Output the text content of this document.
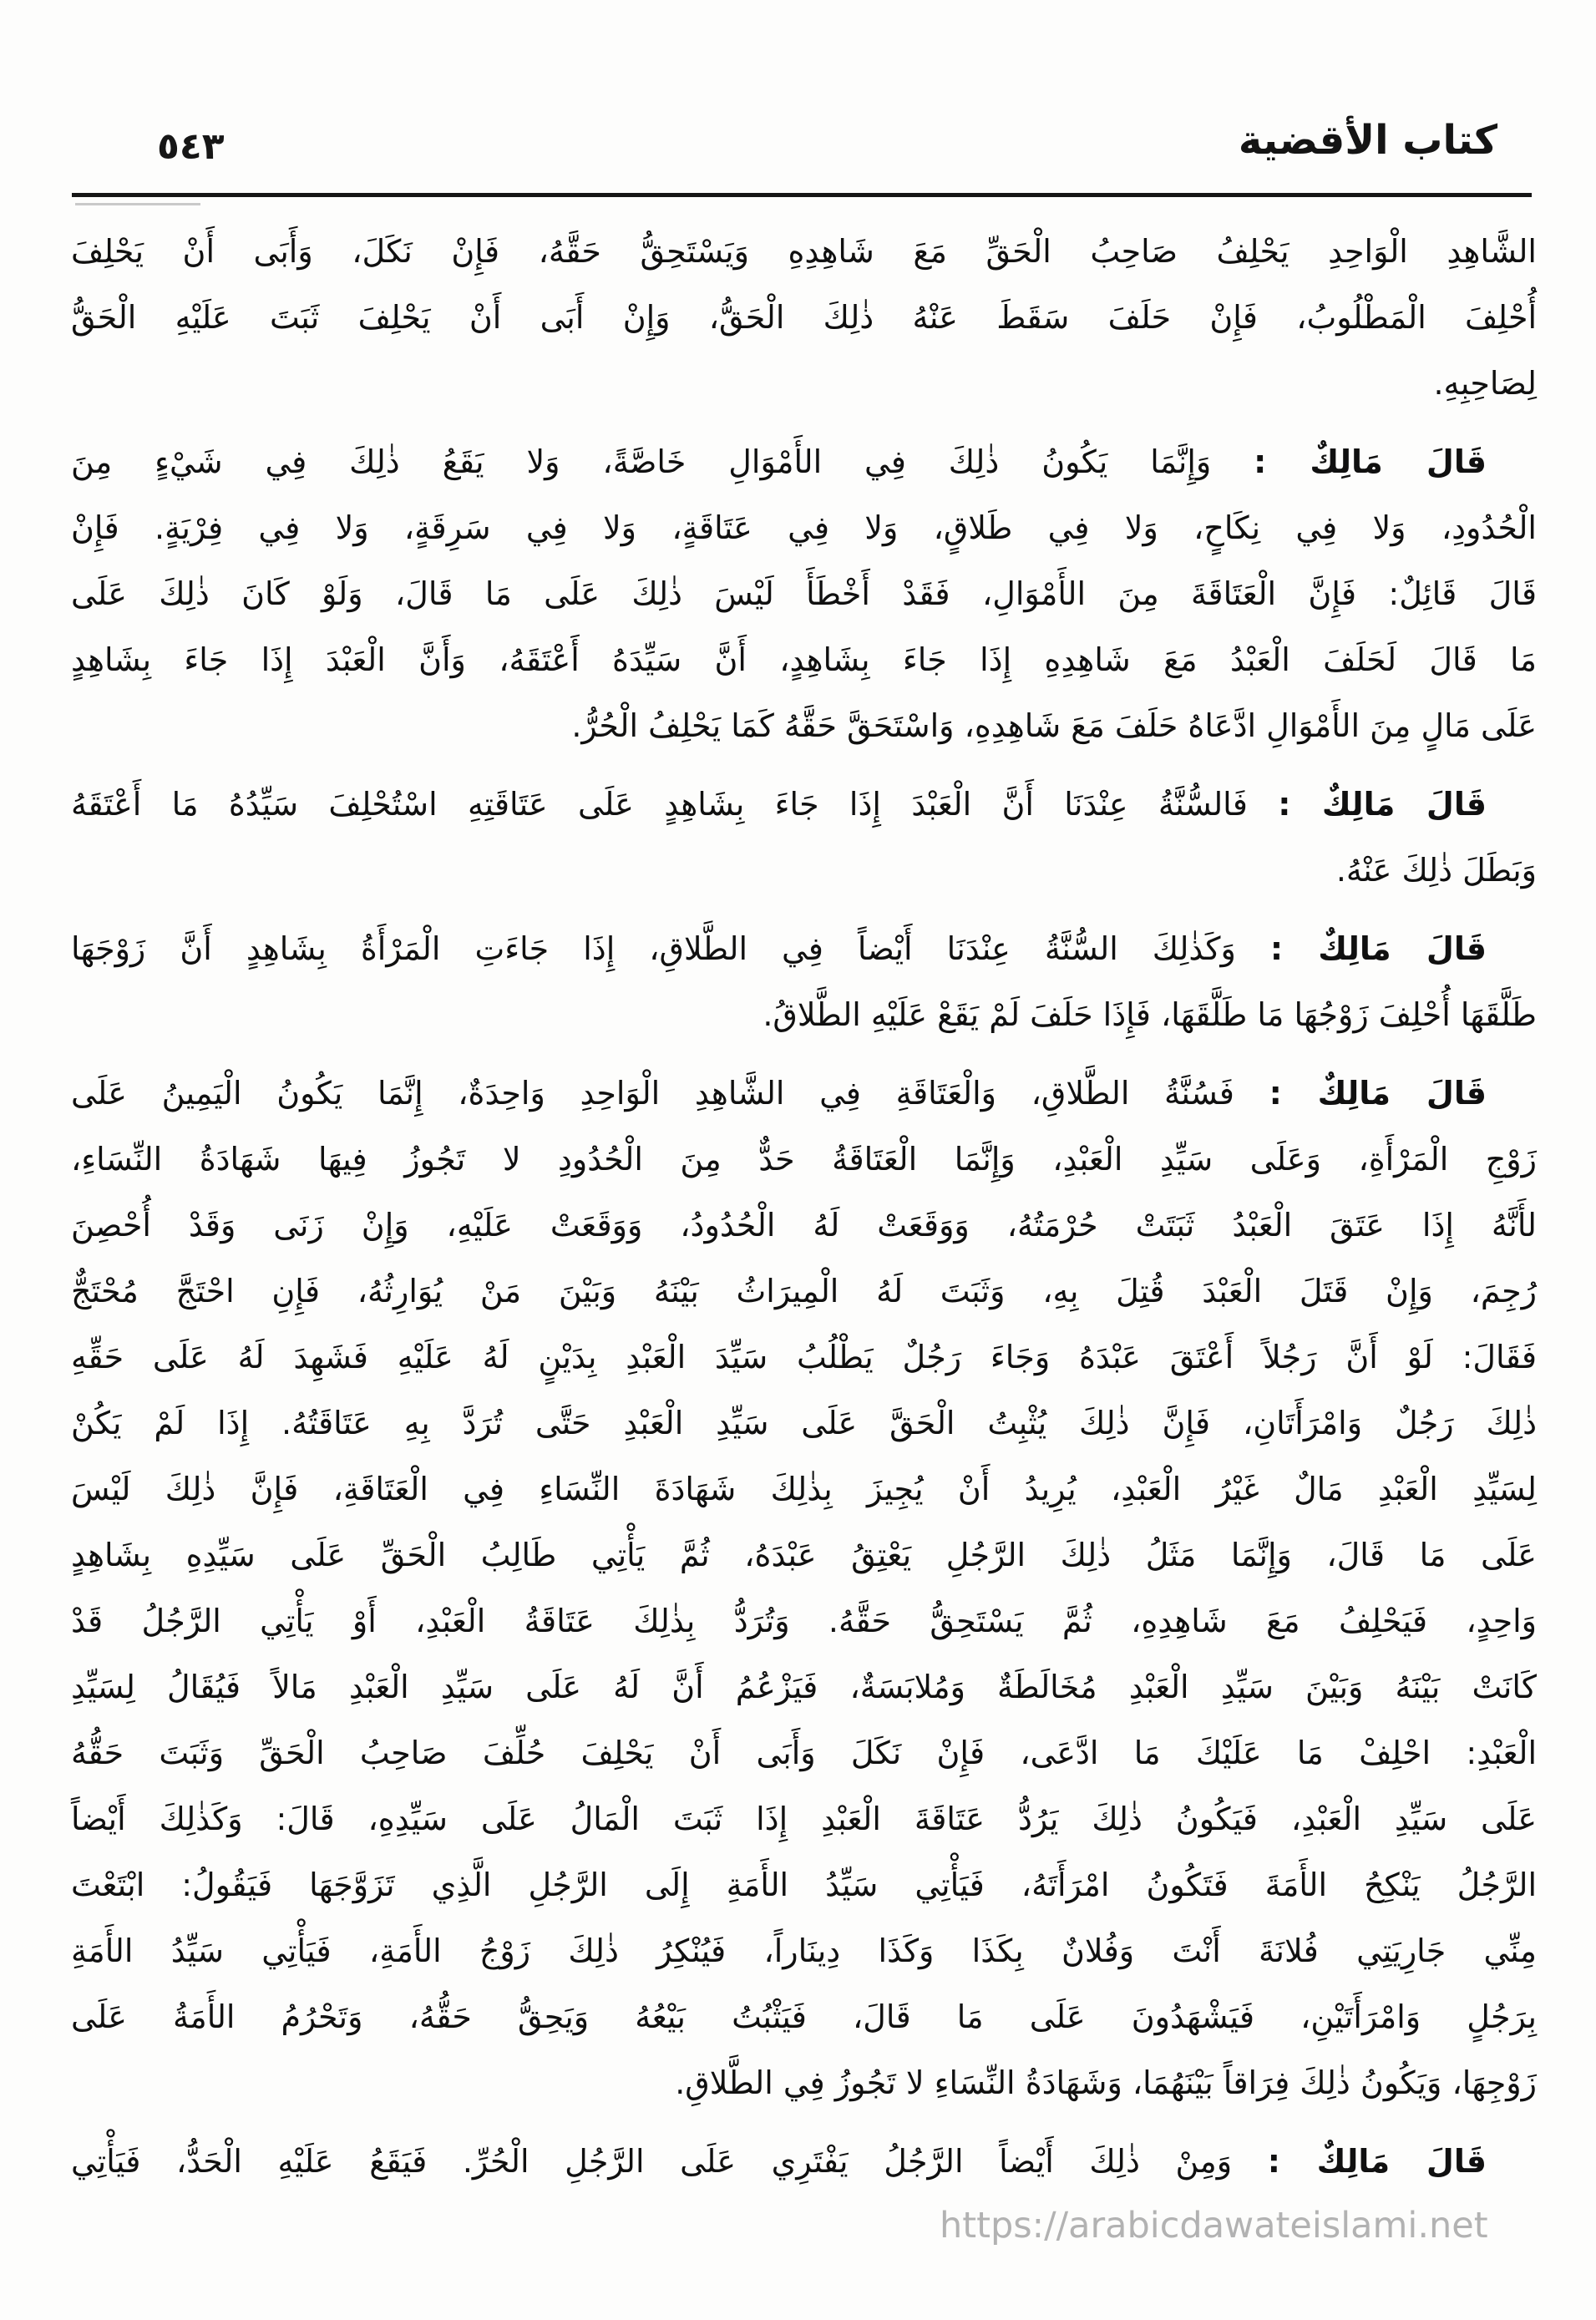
٥٤٣	كتاب الأقضية
الشَّاهِدِ الْوَاحِدِ يَحْلِفُ صَاحِبُ الْحَقِّ مَعَ شَاهِدِهِ وَيَسْتَحِقُّ حَقَّهُ، فَإِنْ نَكَلَ، وَأَبَى أَنْ يَحْلِفَ
أُحْلِفَ الْمَطْلُوبُ، فَإِنْ حَلَفَ سَقَطَ عَنْهُ ذٰلِكَ الْحَقُّ، وَإِنْ أَبَى أَنْ يَحْلِفَ ثَبَتَ عَلَيْهِ الْحَقُّ
لِصَاحِبِهِ.
قَالَ مَالِكٌ : وَإِنَّمَا يَكُونُ ذٰلِكَ فِي الأَمْوَالِ خَاصَّةً، وَلا يَقَعُ ذٰلِكَ فِي شَيْءٍ مِنَ
الْحُدُودِ، وَلا فِي نِكَاحٍ، وَلا فِي طَلاقٍ، وَلا فِي عَتَاقَةٍ، وَلا فِي سَرِقَةٍ، وَلا فِي فِرْيَةٍ. فَإِنْ
قَالَ قَائِلٌ: فَإِنَّ الْعَتَاقَةَ مِنَ الأَمْوَالِ، فَقَدْ أَخْطَأَ لَيْسَ ذٰلِكَ عَلَى مَا قَالَ، وَلَوْ كَانَ ذٰلِكَ عَلَى
مَا قَالَ لَحَلَفَ الْعَبْدُ مَعَ شَاهِدِهِ إِذَا جَاءَ بِشَاهِدٍ، أَنَّ سَيِّدَهُ أَعْتَقَهُ، وَأَنَّ الْعَبْدَ إِذَا جَاءَ بِشَاهِدٍ
عَلَى مَالٍ مِنَ الأَمْوَالِ ادَّعَاهُ حَلَفَ مَعَ شَاهِدِهِ، وَاسْتَحَقَّ حَقَّهُ كَمَا يَحْلِفُ الْحُرُّ.
قَالَ مَالِكٌ : فَالسُّنَّةُ عِنْدَنَا أَنَّ الْعَبْدَ إِذَا جَاءَ بِشَاهِدٍ عَلَى عَتَاقَتِهِ اسْتُحْلِفَ سَيِّدُهُ مَا أَعْتَقَهُ
وَبَطَلَ ذٰلِكَ عَنْهُ.
قَالَ مَالِكٌ : وَكَذٰلِكَ السُّنَّةُ عِنْدَنَا أَيْضاً فِي الطَّلاقِ، إِذَا جَاءَتِ الْمَرْأَةُ بِشَاهِدٍ أَنَّ زَوْجَهَا
طَلَّقَهَا أُحْلِفَ زَوْجُهَا مَا طَلَّقَهَا، فَإِذَا حَلَفَ لَمْ يَقَعْ عَلَيْهِ الطَّلاقُ.
قَالَ مَالِكٌ : فَسُنَّةُ الطَّلاقِ، وَالْعَتَاقَةِ فِي الشَّاهِدِ الْوَاحِدِ وَاحِدَةٌ، إِنَّمَا يَكُونُ الْيَمِينُ عَلَى
زَوْجِ الْمَرْأَةِ، وَعَلَى سَيِّدِ الْعَبْدِ، وَإِنَّمَا الْعَتَاقَةُ حَدٌّ مِنَ الْحُدُودِ لا تَجُوزُ فِيهَا شَهَادَةُ النِّسَاءِ،
لأَنَّهُ إِذَا عَتَقَ الْعَبْدُ ثَبَتَتْ حُرْمَتُهُ، وَوَقَعَتْ لَهُ الْحُدُودُ، وَوَقَعَتْ عَلَيْهِ، وَإِنْ زَنَى وَقَدْ أُحْصِنَ
رُجِمَ، وَإِنْ قَتَلَ الْعَبْدَ قُتِلَ بِهِ، وَثَبَتَ لَهُ الْمِيرَاثُ بَيْنَهُ وَبَيْنَ مَنْ يُوَارِثُهُ، فَإِنِ احْتَجَّ مُحْتَجٌّ
فَقَالَ: لَوْ أَنَّ رَجُلاً أَعْتَقَ عَبْدَهُ وَجَاءَ رَجُلٌ يَطْلُبُ سَيِّدَ الْعَبْدِ بِدَيْنٍ لَهُ عَلَيْهِ فَشَهِدَ لَهُ عَلَى حَقِّهِ
ذٰلِكَ رَجُلٌ وَامْرَأَتَانِ، فَإِنَّ ذٰلِكَ يُثْبِتُ الْحَقَّ عَلَى سَيِّدِ الْعَبْدِ حَتَّى تُرَدَّ بِهِ عَتَاقَتُهُ. إِذَا لَمْ يَكُنْ
لِسَيِّدِ الْعَبْدِ مَالٌ غَيْرُ الْعَبْدِ، يُرِيدُ أَنْ يُجِيزَ بِذٰلِكَ شَهَادَةَ النِّسَاءِ فِي الْعَتَاقَةِ، فَإِنَّ ذٰلِكَ لَيْسَ
عَلَى مَا قَالَ، وَإِنَّمَا مَثَلُ ذٰلِكَ الرَّجُلِ يَعْتِقُ عَبْدَهُ، ثُمَّ يَأْتِي طَالِبُ الْحَقِّ عَلَى سَيِّدِهِ بِشَاهِدٍ
وَاحِدٍ، فَيَحْلِفُ مَعَ شَاهِدِهِ، ثُمَّ يَسْتَحِقُّ حَقَّهُ. وَتُرَدُّ بِذٰلِكَ عَتَاقَةُ الْعَبْدِ، أَوْ يَأْتِي الرَّجُلُ قَدْ
كَانَتْ بَيْنَهُ وَبَيْنَ سَيِّدِ الْعَبْدِ مُخَالَطَةٌ وَمُلابَسَةٌ، فَيَزْعُمُ أَنَّ لَهُ عَلَى سَيِّدِ الْعَبْدِ مَالاً فَيُقَالُ لِسَيِّدِ
الْعَبْدِ: احْلِفْ مَا عَلَيْكَ مَا ادَّعَى، فَإِنْ نَكَلَ وَأَبَى أَنْ يَحْلِفَ حُلِّفَ صَاحِبُ الْحَقِّ وَثَبَتَ حَقُّهُ
عَلَى سَيِّدِ الْعَبْدِ، فَيَكُونُ ذٰلِكَ يَرُدُّ عَتَاقَةَ الْعَبْدِ إِذَا ثَبَتَ الْمَالُ عَلَى سَيِّدِهِ، قَالَ: وَكَذٰلِكَ أَيْضاً
الرَّجُلُ يَنْكِحُ الأَمَةَ فَتَكُونُ امْرَأَتَهُ، فَيَأْتِي سَيِّدُ الأَمَةِ إِلَى الرَّجُلِ الَّذِي تَزَوَّجَهَا فَيَقُولُ: ابْتَعْتَ
مِنِّي جَارِيَتِي فُلانَةَ أَنْتَ وَفُلانٌ بِكَذَا وَكَذَا دِينَاراً، فَيُنْكِرُ ذٰلِكَ زَوْجُ الأَمَةِ، فَيَأْتِي سَيِّدُ الأَمَةِ
بِرَجُلٍ وَامْرَأَتَيْنِ، فَيَشْهَدُونَ عَلَى مَا قَالَ، فَيَثْبُتُ بَيْعُهُ وَيَحِقُّ حَقُّهُ، وَتَحْرُمُ الأَمَةُ عَلَى
زَوْجِهَا، وَيَكُونُ ذٰلِكَ فِرَاقاً بَيْنَهُمَا، وَشَهَادَةُ النِّسَاءِ لا تَجُوزُ فِي الطَّلاقِ.
قَالَ مَالِكٌ : وَمِنْ ذٰلِكَ أَيْضاً الرَّجُلُ يَفْتَرِي عَلَى الرَّجُلِ الْحُرِّ. فَيَقَعُ عَلَيْهِ الْحَدُّ، فَيَأْتِي
https://arabicdawateislami.net
